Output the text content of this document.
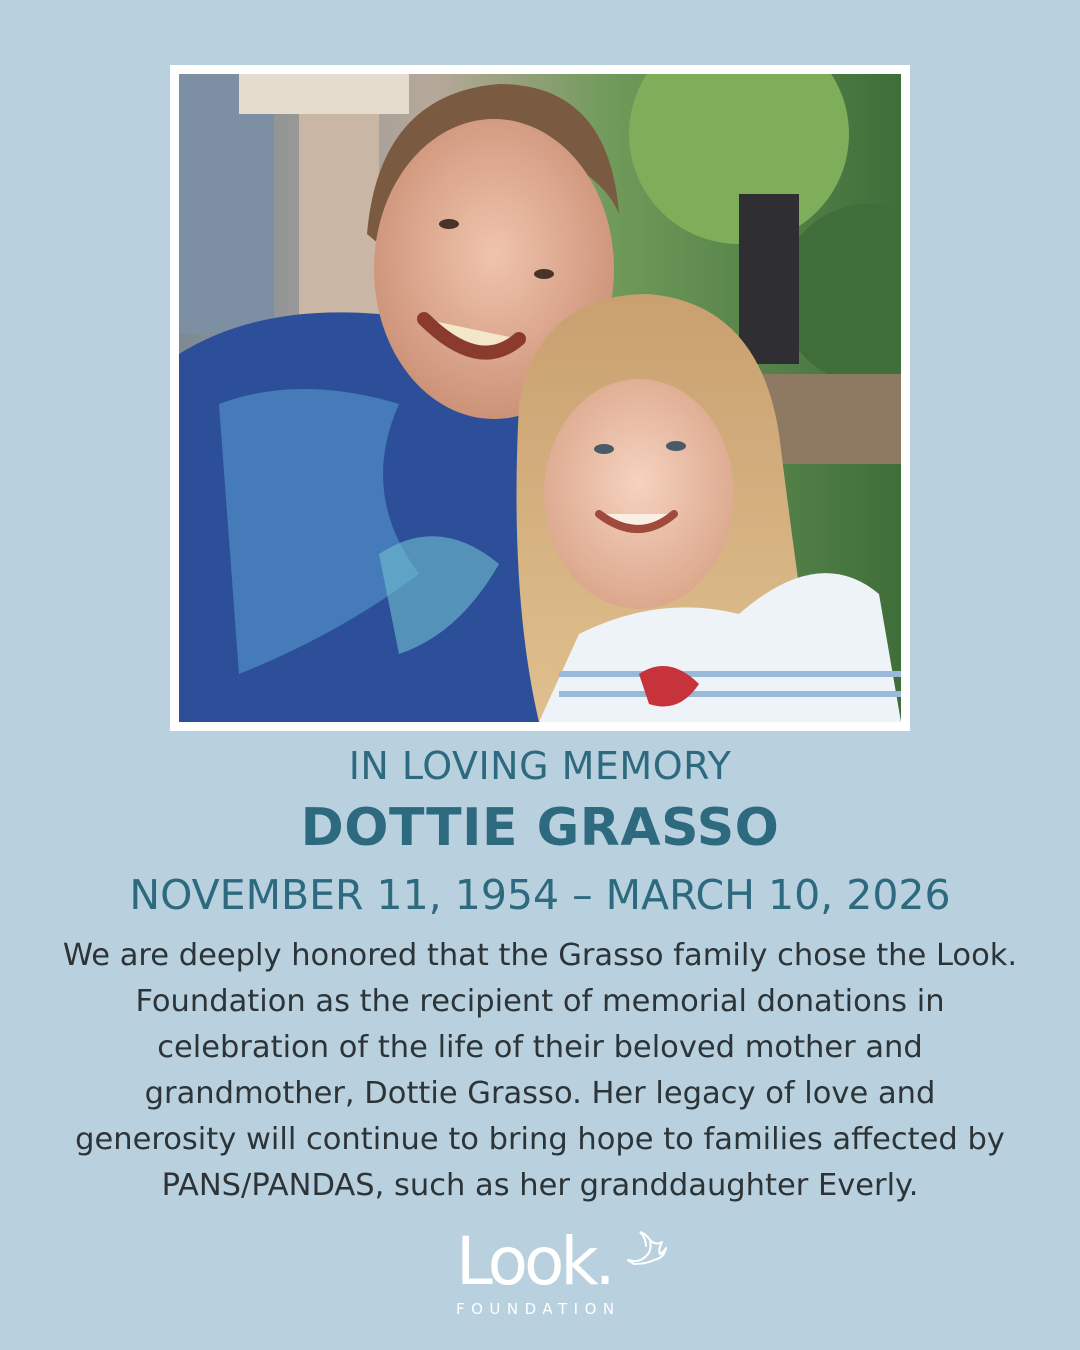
IN LOVING MEMORY
DOTTIE GRASSO
NOVEMBER 11, 1954 – MARCH 10, 2026

We are deeply honored that the Grasso family chose the Look. Foundation as the recipient of memorial donations in celebration of the life of their beloved mother and grandmother, Dottie Grasso. Her legacy of love and generosity will continue to bring hope to families affected by PANS/PANDAS, such as her granddaughter Everly.

Look.
FOUNDATION
